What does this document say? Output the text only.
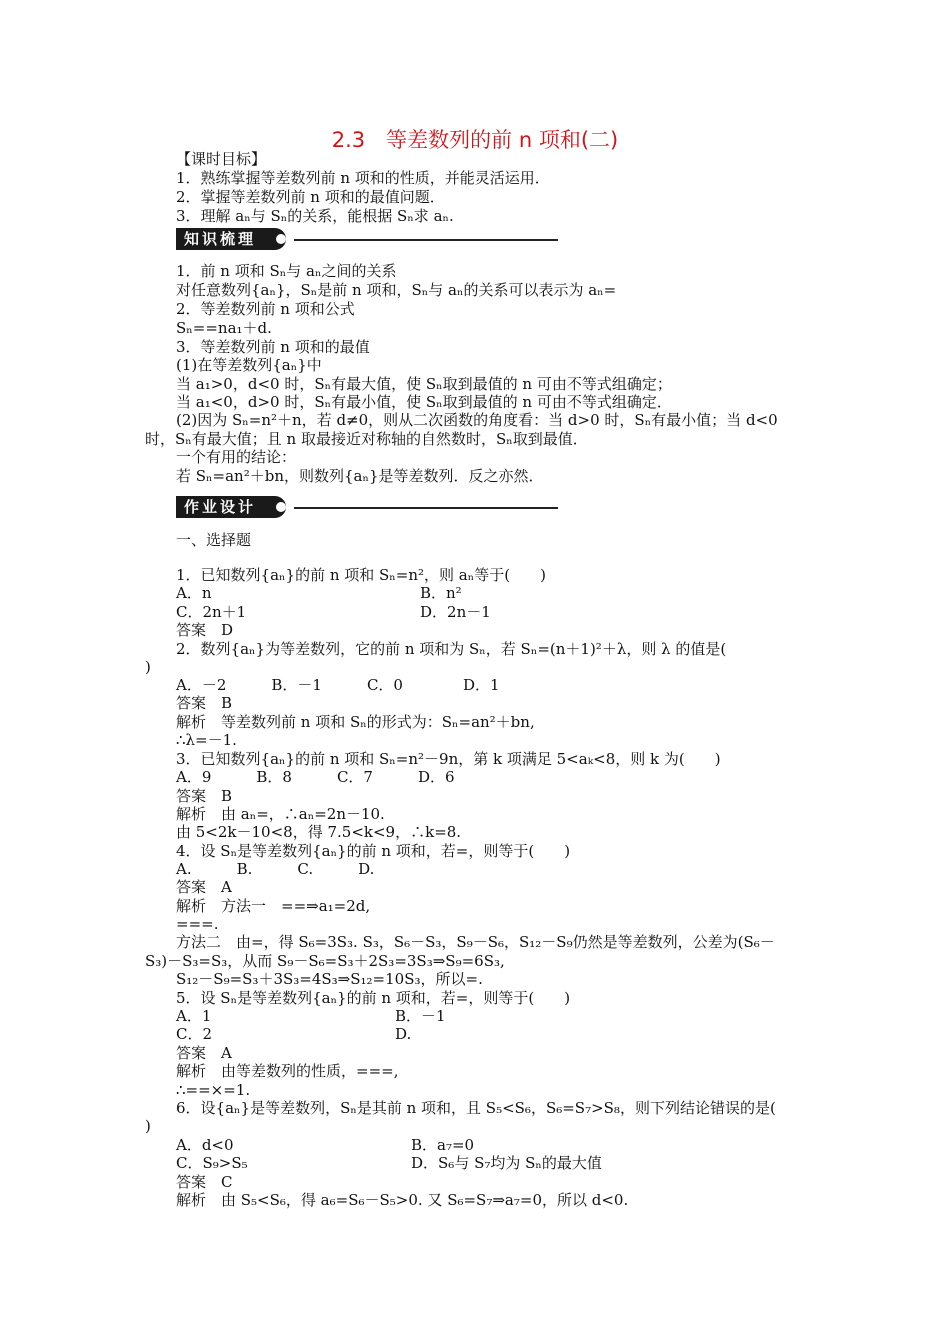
2.3　等差数列的前 n 项和(二)
【课时目标】
1．熟练掌握等差数列前 n 项和的性质，并能灵活运用．
2．掌握等差数列前 n 项和的最值问题．
3．理解 aₙ与 Sₙ的关系，能根据 Sₙ求 aₙ.
知识梳理
1．前 n 项和 Sₙ与 aₙ之间的关系
对任意数列{aₙ}，Sₙ是前 n 项和，Sₙ与 aₙ的关系可以表示为 aₙ=
2．等差数列前 n 项和公式
Sₙ==na₁＋d.
3．等差数列前 n 项和的最值
(1)在等差数列{aₙ}中
当 a₁>0，d<0 时，Sₙ有最大值，使 Sₙ取到最值的 n 可由不等式组确定；
当 a₁<0，d>0 时，Sₙ有最小值，使 Sₙ取到最值的 n 可由不等式组确定．
(2)因为 Sₙ=n²＋n，若 d≠0，则从二次函数的角度看：当 d>0 时，Sₙ有最小值；当 d<0
时，Sₙ有最大值；且 n 取最接近对称轴的自然数时，Sₙ取到最值．
一个有用的结论：
若 Sₙ=an²＋bn，则数列{aₙ}是等差数列．反之亦然．
作业设计
一、选择题
1．已知数列{aₙ}的前 n 项和 Sₙ=n²，则 aₙ等于(　　)
A．n	B．n²
C．2n＋1	D．2n－1
答案　D
2．数列{aₙ}为等差数列，它的前 n 项和为 Sₙ，若 Sₙ=(n＋1)²＋λ，则 λ 的值是(
)
A．－2　　　B．－1　　　C．0　　　　D．1
答案　B
解析　等差数列前 n 项和 Sₙ的形式为：Sₙ=an²＋bn,
∴λ=－1.
3．已知数列{aₙ}的前 n 项和 Sₙ=n²－9n，第 k 项满足 5<aₖ<8，则 k 为(　　)
A．9　　　B．8　　　C．7　　　D．6
答案　B
解析　由 aₙ=，∴aₙ=2n－10.
由 5<2k－10<8，得 7.5<k<9，∴k=8.
4．设 Sₙ是等差数列{aₙ}的前 n 项和，若=，则等于(　　)
A.　　　B.　　　C.　　　D.
答案　A
解析　方法一　==⇒a₁=2d,
===.
方法二　由=，得 S₆=3S₃. S₃，S₆－S₃，S₉－S₆，S₁₂－S₉仍然是等差数列，公差为(S₆－
S₃)－S₃=S₃，从而 S₉－S₆=S₃＋2S₃=3S₃⇒S₉=6S₃,
S₁₂－S₉=S₃＋3S₃=4S₃⇒S₁₂=10S₃，所以=.
5．设 Sₙ是等差数列{aₙ}的前 n 项和，若=，则等于(　　)
A．1	B．－1
C．2	D.
答案　A
解析　由等差数列的性质，===,
∴==×=1.
6．设{aₙ}是等差数列，Sₙ是其前 n 项和，且 S₅<S₆，S₆=S₇>S₈，则下列结论错误的是(
)
A．d<0	B．a₇=0
C．S₉>S₅	D．S₆与 S₇均为 Sₙ的最大值
答案　C
解析　由 S₅<S₆，得 a₆=S₆－S₅>0. 又 S₆=S₇⇒a₇=0，所以 d<0.
